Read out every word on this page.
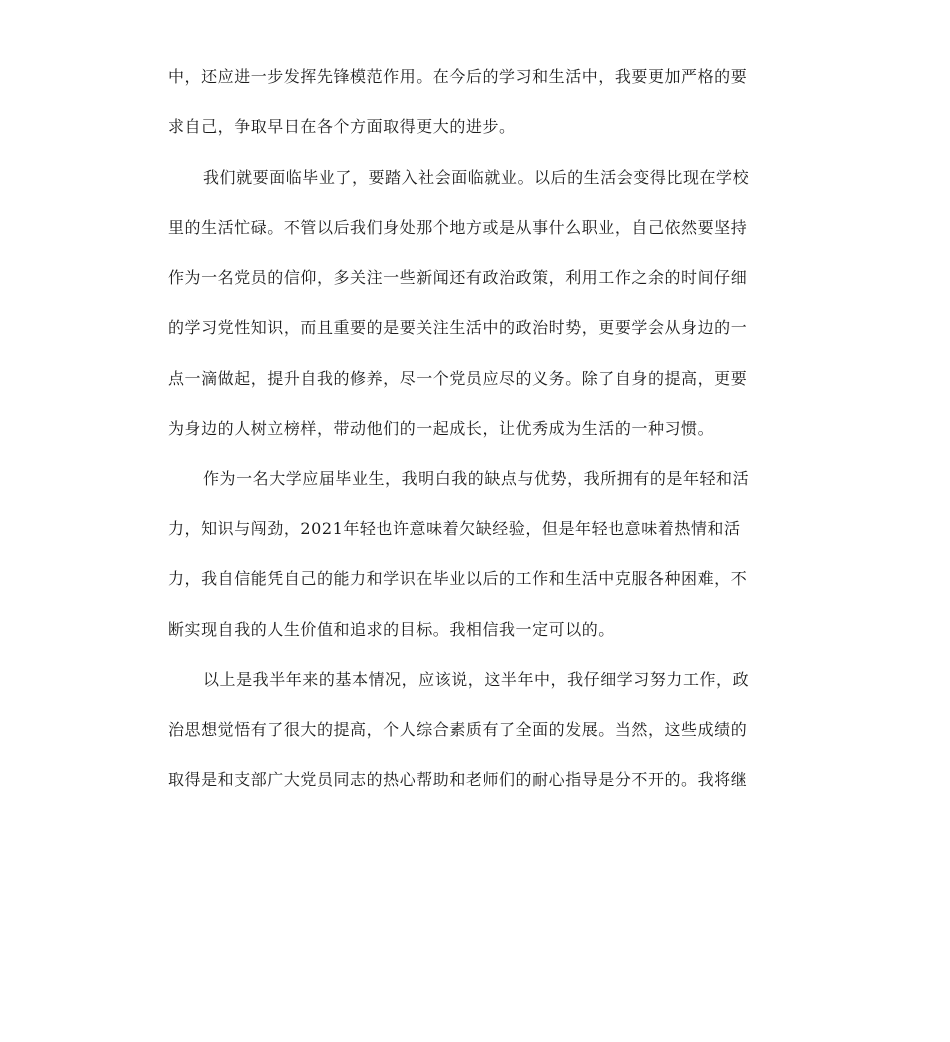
中，还应进一步发挥先锋模范作用。在今后的学习和生活中，我要更加严格的要
求自己，争取早日在各个方面取得更大的进步。
我们就要面临毕业了，要踏入社会面临就业。以后的生活会变得比现在学校
里的生活忙碌。不管以后我们身处那个地方或是从事什么职业，自己依然要坚持
作为一名党员的信仰，多关注一些新闻还有政治政策，利用工作之余的时间仔细
的学习党性知识，而且重要的是要关注生活中的政治时势，更要学会从身边的一
点一滴做起，提升自我的修养，尽一个党员应尽的义务。除了自身的提高，更要
为身边的人树立榜样，带动他们的一起成长，让优秀成为生活的一种习惯。
作为一名大学应届毕业生，我明白我的缺点与优势，我所拥有的是年轻和活
力，知识与闯劲，2021年轻也许意味着欠缺经验，但是年轻也意味着热情和活
力，我自信能凭自己的能力和学识在毕业以后的工作和生活中克服各种困难，不
断实现自我的人生价值和追求的目标。我相信我一定可以的。
以上是我半年来的基本情况，应该说，这半年中，我仔细学习努力工作，政
治思想觉悟有了很大的提高，个人综合素质有了全面的发展。当然，这些成绩的
取得是和支部广大党员同志的热心帮助和老师们的耐心指导是分不开的。我将继
